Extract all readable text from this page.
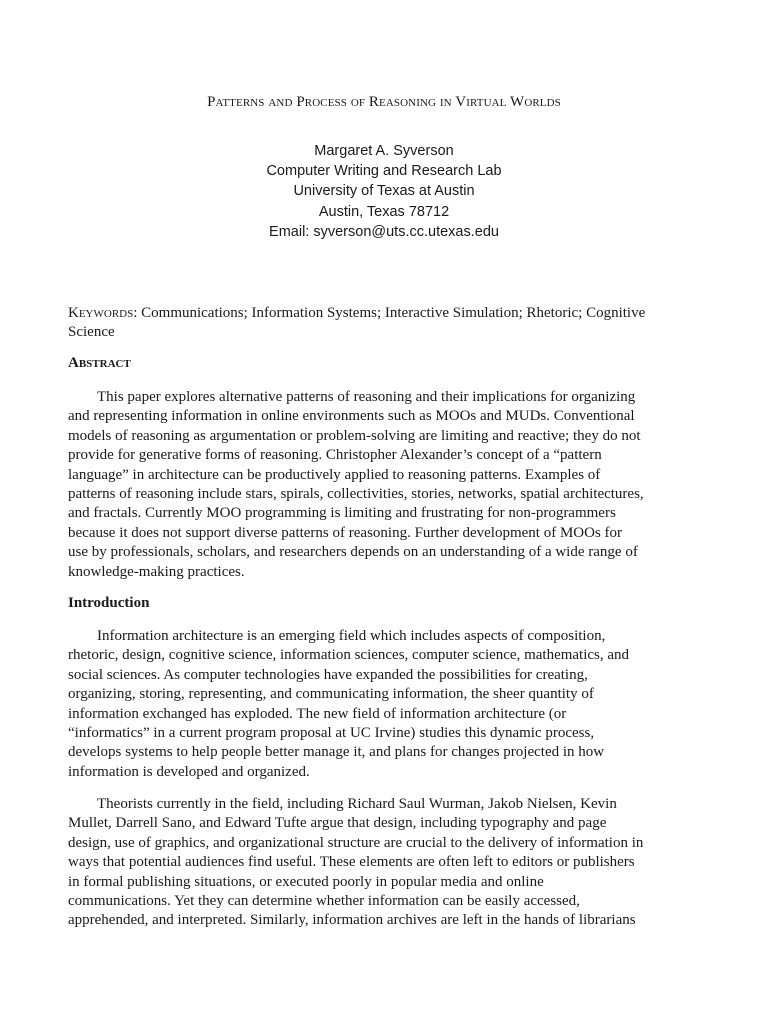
Patterns and Process of Reasoning in Virtual Worlds
Margaret A. Syverson
Computer Writing and Research Lab
University of Texas at Austin
Austin, Texas 78712
Email: syverson@uts.cc.utexas.edu
Keywords: Communications; Information Systems; Interactive Simulation; Rhetoric; Cognitive
Science
Abstract
This paper explores alternative patterns of reasoning and their implications for organizing
and representing information in online environments such as MOOs and MUDs. Conventional
models of reasoning as argumentation or problem-solving are limiting and reactive; they do not
provide for generative forms of reasoning. Christopher Alexander’s concept of a “pattern
language” in architecture can be productively applied to reasoning patterns. Examples of
patterns of reasoning include stars, spirals, collectivities, stories, networks, spatial architectures,
and fractals. Currently MOO programming is limiting and frustrating for non-programmers
because it does not support diverse patterns of reasoning. Further development of MOOs for
use by professionals, scholars, and researchers depends on an understanding of a wide range of
knowledge-making practices.
Introduction
Information architecture is an emerging field which includes aspects of composition,
rhetoric, design, cognitive science, information sciences, computer science, mathematics, and
social sciences. As computer technologies have expanded the possibilities for creating,
organizing, storing, representing, and communicating information, the sheer quantity of
information exchanged has exploded. The new field of information architecture (or
“informatics” in a current program proposal at UC Irvine) studies this dynamic process,
develops systems to help people better manage it, and plans for changes projected in how
information is developed and organized.
Theorists currently in the field, including Richard Saul Wurman, Jakob Nielsen, Kevin
Mullet, Darrell Sano, and Edward Tufte argue that design, including typography and page
design, use of graphics, and organizational structure are crucial to the delivery of information in
ways that potential audiences find useful. These elements are often left to editors or publishers
in formal publishing situations, or executed poorly in popular media and online
communications. Yet they can determine whether information can be easily accessed,
apprehended, and interpreted. Similarly, information archives are left in the hands of librarians
